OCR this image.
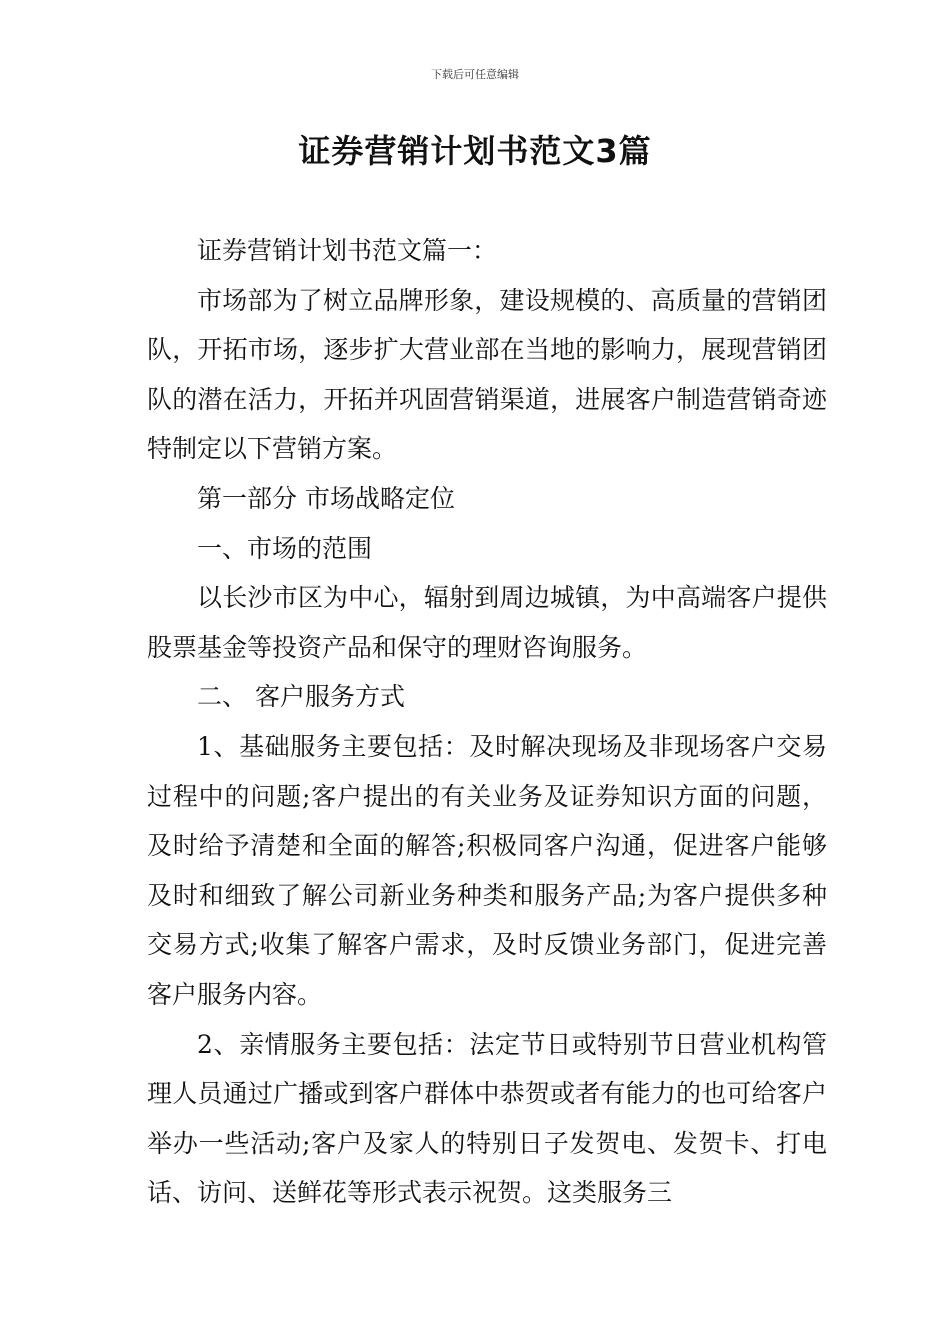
下载后可任意编辑
证券营销计划书范文3篇

证券营销计划书范文篇一：

市场部为了树立品牌形象，建设规模的、高质量的营销团队，开拓市场，逐步扩大营业部在当地的影响力，展现营销团队的潜在活力，开拓并巩固营销渠道，进展客户制造营销奇迹特制定以下营销方案。

第一部分 市场战略定位

一、市场的范围

以长沙市区为中心，辐射到周边城镇，为中高端客户提供股票基金等投资产品和保守的理财咨询服务。

二、 客户服务方式

1、基础服务主要包括：及时解决现场及非现场客户交易过程中的问题;客户提出的有关业务及证券知识方面的问题，及时给予清楚和全面的解答;积极同客户沟通，促进客户能够及时和细致了解公司新业务种类和服务产品;为客户提供多种交易方式;收集了解客户需求，及时反馈业务部门，促进完善客户服务内容。

2、亲情服务主要包括：法定节日或特别节日营业机构管理人员通过广播或到客户群体中恭贺或者有能力的也可给客户举办一些活动;客户及家人的特别日子发贺电、发贺卡、打电话、访问、送鲜花等形式表示祝贺。这类服务三
